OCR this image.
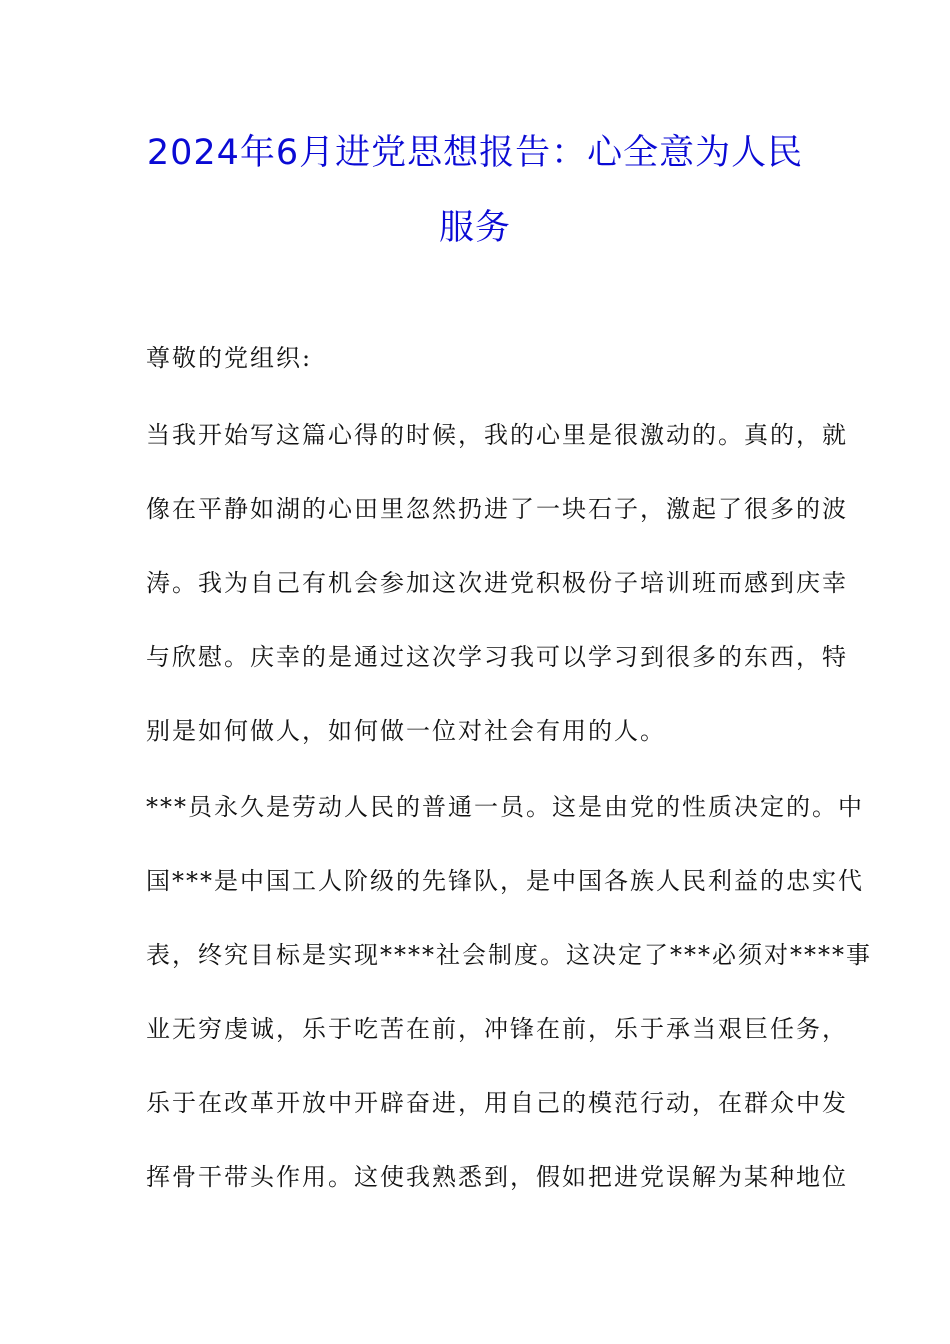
2024年6月进党思想报告：心全意为人民
服务
尊敬的党组织:
当我开始写这篇心得的时候，我的心里是很激动的。真的，就
像在平静如湖的心田里忽然扔进了一块石子，激起了很多的波
涛。我为自己有机会参加这次进党积极份子培训班而感到庆幸
与欣慰。庆幸的是通过这次学习我可以学习到很多的东西，特
别是如何做人，如何做一位对社会有用的人。
***员永久是劳动人民的普通一员。这是由党的性质决定的。中
国***是中国工人阶级的先锋队，是中国各族人民利益的忠实代
表，终究目标是实现****社会制度。这决定了***必须对****事
业无穷虔诚，乐于吃苦在前，冲锋在前，乐于承当艰巨任务，
乐于在改革开放中开辟奋进，用自己的模范行动，在群众中发
挥骨干带头作用。这使我熟悉到，假如把进党误解为某种地位
